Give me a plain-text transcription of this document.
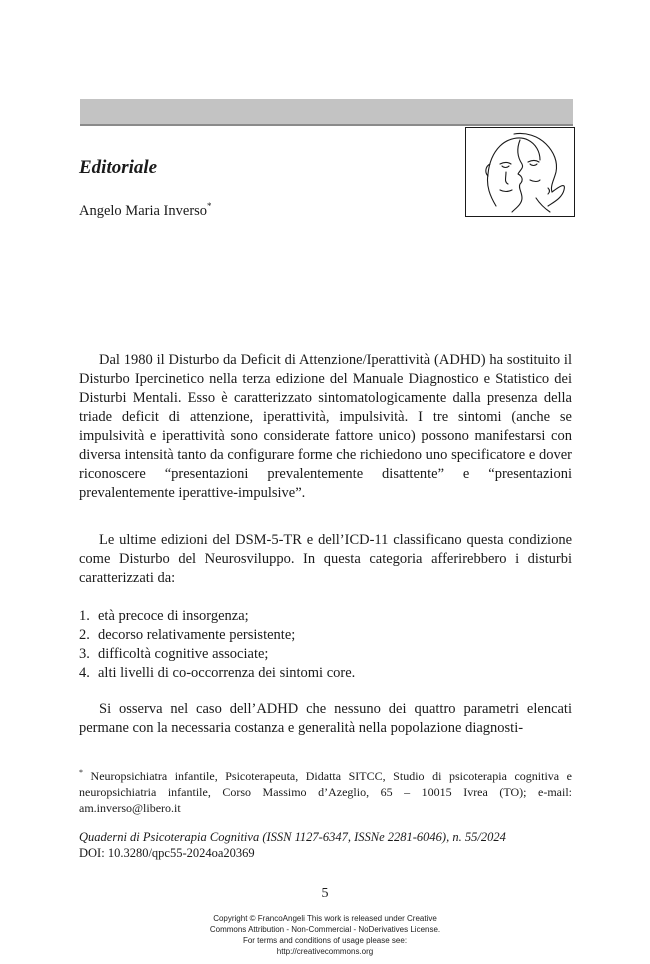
Editoriale
Angelo Maria Inverso*

Dal 1980 il Disturbo da Deficit di Attenzione/Iperattività (ADHD) ha sostituito il Disturbo Ipercinetico nella terza edizione del Manuale Diagnostico e Statistico dei Disturbi Mentali. Esso è caratterizzato sintomatologicamente dalla presenza della triade deficit di attenzione, iperattività, impulsività. I tre sintomi (anche se impulsività e iperattività sono considerate fattore unico) possono manifestarsi con diversa intensità tanto da configurare forme che richiedono uno specificatore e dover riconoscere “presentazioni prevalentemente disattente” e “presentazioni prevalentemente iperattive-impulsive”.

Le ultime edizioni del DSM-5-TR e dell’ICD-11 classificano questa condizione come Disturbo del Neurosviluppo. In questa categoria afferirebbero i disturbi caratterizzati da:

1. età precoce di insorgenza;
2. decorso relativamente persistente;
3. difficoltà cognitive associate;
4. alti livelli di co-occorrenza dei sintomi core.

Si osserva nel caso dell’ADHD che nessuno dei quattro parametri elencati permane con la necessaria costanza e generalità nella popolazione diagnosti-

* Neuropsichiatra infantile, Psicoterapeuta, Didatta SITCC, Studio di psicoterapia cognitiva e neuropsichiatria infantile, Corso Massimo d’Azeglio, 65 – 10015 Ivrea (TO); e-mail: am.inverso@libero.it

Quaderni di Psicoterapia Cognitiva (ISSN 1127-6347, ISSNe 2281-6046), n. 55/2024
DOI: 10.3280/qpc55-2024oa20369
5
Copyright © FrancoAngeli This work is released under Creative
Commons Attribution - Non-Commercial - NoDerivatives License.
For terms and conditions of usage please see:
http://creativecommons.org
